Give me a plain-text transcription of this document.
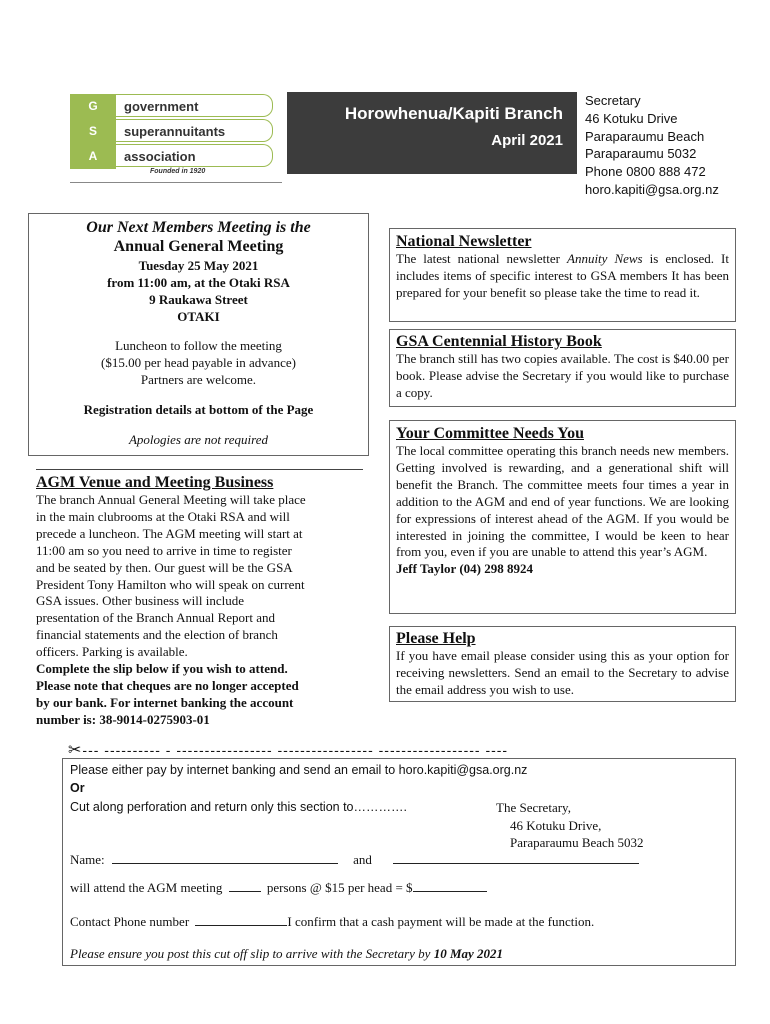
G	government
S	superannuitants
A	association
Founded in 1920
Horowhenua/Kapiti Branch
April 2021
Secretary
46 Kotuku Drive
Paraparaumu Beach
Paraparaumu 5032
Phone 0800 888 472
horo.kapiti@gsa.org.nz
Our Next Members Meeting is the
Annual General Meeting
Tuesday 25 May 2021
from 11:00 am, at the Otaki RSA
9 Raukawa Street
OTAKI
Luncheon to follow the meeting
($15.00 per head payable in advance)
Partners are welcome.
Registration details at bottom of the Page
Apologies are not required
AGM Venue and Meeting Business
The branch Annual General Meeting will take place
in the main clubrooms at the Otaki RSA and will
precede a luncheon. The AGM meeting will start at
11:00 am so you need to arrive in time to register
and be seated by then. Our guest will be the GSA
President Tony Hamilton who will speak on current
GSA issues. Other business will include
presentation of the Branch Annual Report and
financial statements and the election of branch
officers. Parking is available.
Complete the slip below if you wish to attend.
Please note that cheques are no longer accepted
by our bank. For internet banking the account
number is: 38-9014-0275903-01
National Newsletter
The latest national newsletter Annuity News is enclosed. It includes items of specific interest to GSA members It has been prepared for your benefit so please take the time to read it.
GSA Centennial History Book
The branch still has two copies available. The cost is $40.00 per book. Please advise the Secretary if you would like to purchase a copy.
Your Committee Needs You
The local committee operating this branch needs new members. Getting involved is rewarding, and a generational shift will benefit the Branch. The committee meets four times a year in addition to the AGM and end of year functions. We are looking for expressions of interest ahead of the AGM. If you would be interested in joining the committee, I would be keen to hear from you, even if you are unable to attend this year’s AGM.
Jeff Taylor (04) 298 8924
Please Help
If you have email please consider using this as your option for receiving newsletters. Send an email to the Secretary to advise the email address you wish to use.
✂--- ---------- - ----------------- ----------------- ------------------ ----
Please either pay by internet banking and send an email to horo.kapiti@gsa.org.nz
Or
Cut along perforation and return only this section to………….	The Secretary,
46 Kotuku Drive,
Paraparaumu Beach 5032
Name:	and
will attend the AGM meeting	persons @ $15 per head = $
Contact Phone number	I confirm that a cash payment will be made at the function.
Please ensure you post this cut off slip to arrive with the Secretary by 10 May 2021
